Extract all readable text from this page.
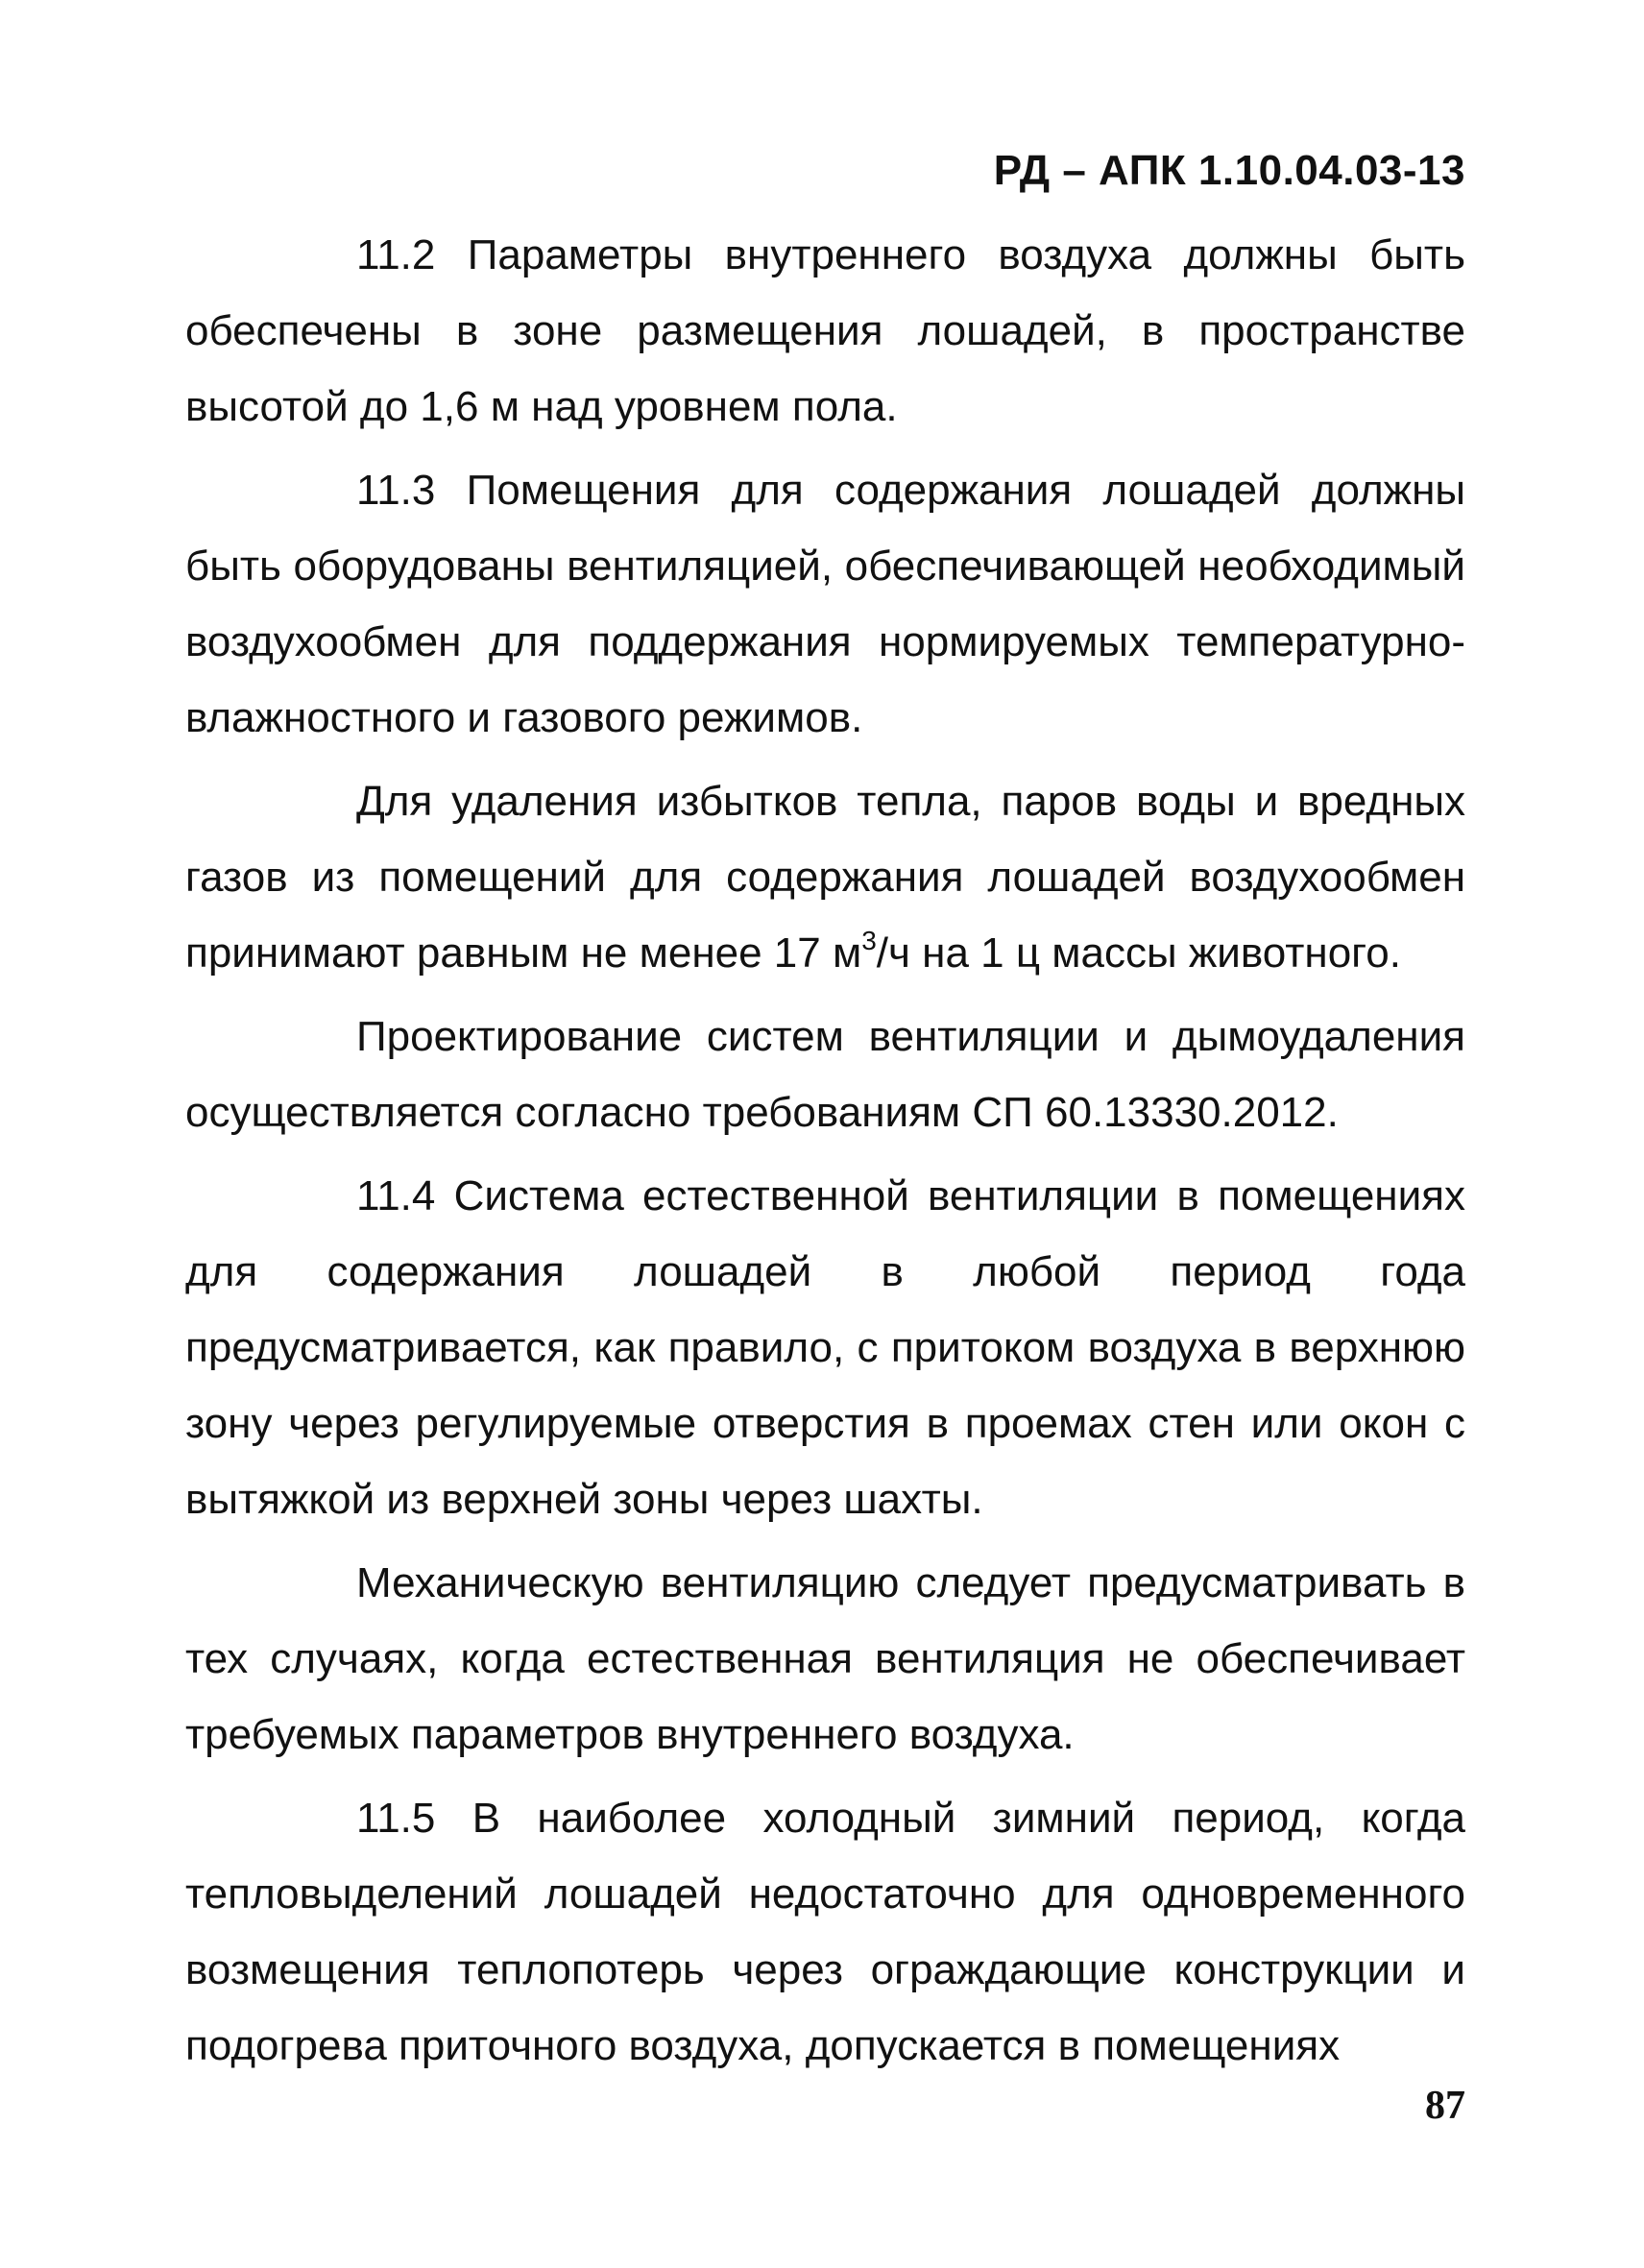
РД – АПК 1.10.04.03-13

11.2 Параметры внутреннего воздуха должны быть обеспечены в зоне размещения лошадей, в пространстве высотой до 1,6 м над уровнем пола.

11.3 Помещения для содержания лошадей должны быть оборудованы вентиляцией, обеспечивающей необходимый воздухообмен для поддержания нормируемых температурно-влажностного и газового режимов.

Для удаления избытков тепла, паров воды и вредных газов из помещений для содержания лошадей воздухообмен принимают равным не менее 17 $м^3/ч$ на 1 ц массы животного.

Проектирование систем вентиляции и дымоудаления осуществляется согласно требованиям СП 60.13330.2012.

11.4 Система естественной вентиляции в помещениях для содержания лошадей в любой период года предусматривается, как правило, с притоком воздуха в верхнюю зону через регулируемые отверстия в проемах стен или окон с вытяжкой из верхней зоны через шахты.

Механическую вентиляцию следует предусматривать в тех случаях, когда естественная вентиляция не обеспечивает требуемых параметров внутреннего воздуха.

11.5 В наиболее холодный зимний период, когда тепловыделений лошадей недостаточно для одновременного возмещения теплопотерь через ограждающие конструкции и подогрева приточного воздуха, допускается в помещениях

87
